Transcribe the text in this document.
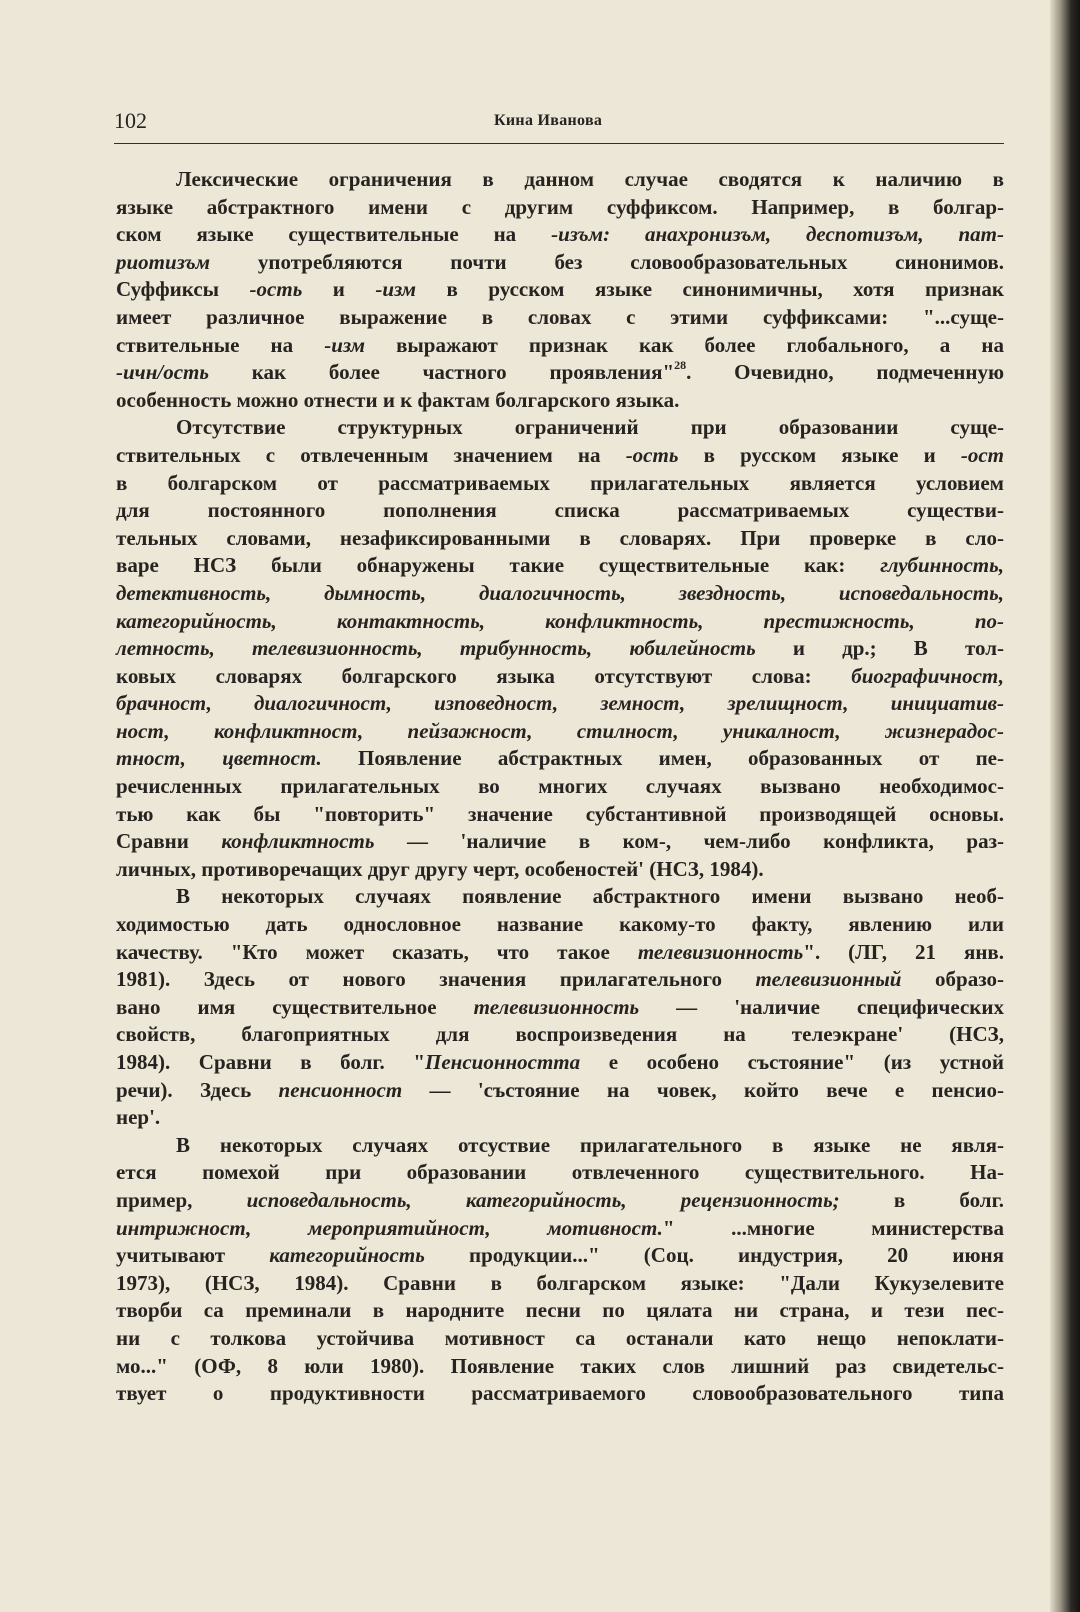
102	Кина Иванова
Лексические ограничения в данном случае сводятся к наличию в
языке абстрактного имени с другим суффиксом. Например, в болгар-
ском языке существительные на -изъм: анахронизъм, деспотизъм, пат-
риотизъм употребляются почти без словообразовательных синонимов.
Суффиксы -ость и -изм в русском языке синонимичны, хотя признак
имеет различное выражение в словах с этими суффиксами: "...суще-
ствительные на -изм выражают признак как более глобального, а на
-ичн/ость как более частного проявления"$^{28}$. Очевидно, подмеченную
особенность можно отнести и к фактам болгарского языка.
Отсутствие структурных ограничений при образовании суще-
ствительных с отвлеченным значением на -ость в русском языке и -ост
в болгарском от рассматриваемых прилагательных является условием
для постоянного пополнения списка рассматриваемых существи-
тельных словами, незафиксированными в словарях. При проверке в сло-
варе НСЗ были обнаружены такие существительные как: глубинность,
детективность, дымность, диалогичность, звездность, исповедальность,
категорийность, контактность, конфликтность, престижность, по-
летность, телевизионность, трибунность, юбилейность и др.; В тол-
ковых словарях болгарского языка отсутствуют слова: биографичност,
брачност, диалогичност, изповедност, земност, зрелищност, инициатив-
ност, конфликтност, пейзажност, стилност, уникалност, жизнерадос-
тност, цветност. Появление абстрактных имен, образованных от пе-
речисленных прилагательных во многих случаях вызвано необходимос-
тью как бы "повторить" значение субстантивной производящей основы.
Сравни конфликтность — 'наличие в ком-, чем-либо конфликта, раз-
личных, противоречащих друг другу черт, особеностей' (НСЗ, 1984).
В некоторых случаях появление абстрактного имени вызвано необ-
ходимостью дать однословное название какому-то факту, явлению или
качеству. "Кто может сказать, что такое телевизионность". (ЛГ, 21 янв.
1981). Здесь от нового значения прилагательного телевизионный образо-
вано имя существительное телевизионность — 'наличие специфических
свойств, благоприятных для воспроизведения на телеэкране' (НСЗ,
1984). Сравни в болг. "Пенсионността е особено състояние" (из устной
речи). Здесь пенсионност — 'състояние на човек, който вече е пенсио-
нер'.
В некоторых случаях отсуствие прилагательного в языке не явля-
ется помехой при образовании отвлеченного существительного. На-
пример, исповедальность, категорийность, рецензионность; в болг.
интрижност, мероприятийност, мотивност." ...многие министерства
учитывают категорийность продукции..." (Соц. индустрия, 20 июня
1973), (НСЗ, 1984). Сравни в болгарском языке: "Дали Кукузелевите
творби са преминали в народните песни по цялата ни страна, и тези пес-
ни с толкова устойчива мотивност са останали като нещо непоклати-
мо..." (ОФ, 8 юли 1980). Появление таких слов лишний раз свидетельс-
твует о продуктивности рассматриваемого словообразовательного типа
